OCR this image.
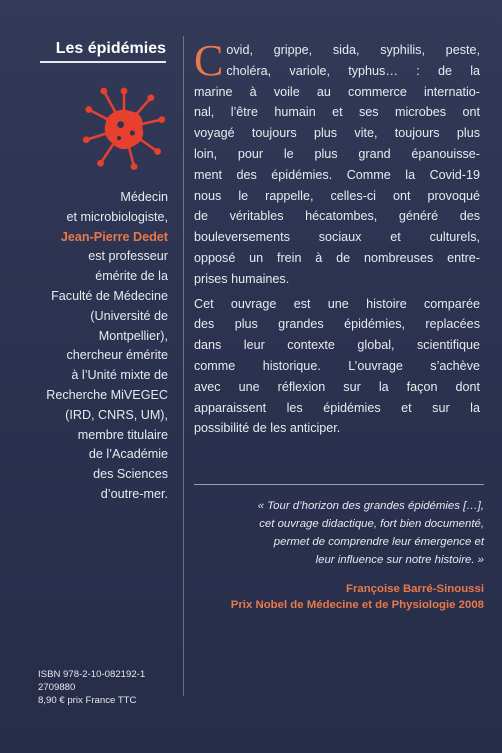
Les épidémies
Médecin
et microbiologiste,
Jean-Pierre Dedet
est professeur
émérite de la
Faculté de Médecine
(Université de
Montpellier),
chercheur émérite
à l’Unité mixte de
Recherche MiVEGEC
(IRD, CNRS, UM),
membre titulaire
de l’Académie
des Sciences
d’outre-mer.
ISBN 978-2-10-082192-1
2709880
8,90 € prix France TTC
C ovid, grippe, sida, syphilis, peste,
choléra, variole, typhus… : de la
marine à voile au commerce internatio-
nal, l’être humain et ses microbes ont
voyagé toujours plus vite, toujours plus
loin, pour le plus grand épanouisse-
ment des épidémies. Comme la Covid-19
nous le rappelle, celles-ci ont provoqué
de véritables hécatombes, généré des
bouleversements sociaux et culturels,
opposé un frein à de nombreuses entre-
prises humaines.
Cet ouvrage est une histoire comparée
des plus grandes épidémies, replacées
dans leur contexte global, scientifique
comme historique. L’ouvrage s’achève
avec une réflexion sur la façon dont
apparaissent les épidémies et sur la
possibilité de les anticiper.
« Tour d’horizon des grandes épidémies […],
cet ouvrage didactique, fort bien documenté,
permet de comprendre leur émergence et
leur influence sur notre histoire. »
Françoise Barré-Sinoussi
Prix Nobel de Médecine et de Physiologie 2008
